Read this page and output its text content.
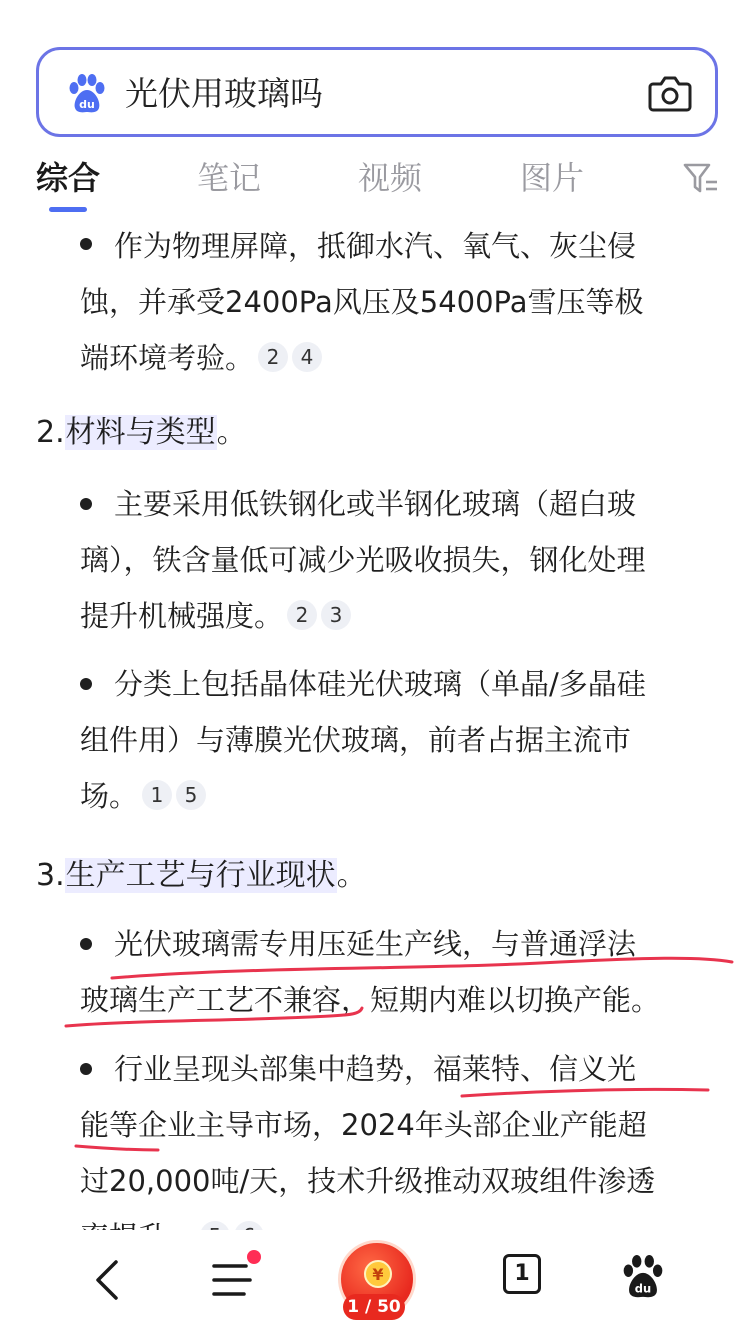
du 光伏用玻璃吗
综合	笔记	视频	图片
作为物理屏障，抵御水汽、氧气、灰尘侵
蚀，并承受2400Pa风压及5400Pa雪压等极
端环境考验。 2 4
2.材料与类型。
主要采用低铁钢化或半钢化玻璃（超白玻
璃），铁含量低可减少光吸收损失，钢化处理
提升机械强度。 2 3
分类上包括晶体硅光伏玻璃（单晶/多晶硅
组件用）与薄膜光伏玻璃，前者占据主流市
场。 1 5
3.生产工艺与行业现状。
光伏玻璃需专用压延生产线，与普通浮法
玻璃生产工艺不兼容，短期内难以切换产能。
行业呈现头部集中趋势，福莱特、信义光
能等企业主导市场，2024年头部企业产能超
过20,000吨/天，技术升级推动双玻组件渗透
¥
1 / 50
1
du
